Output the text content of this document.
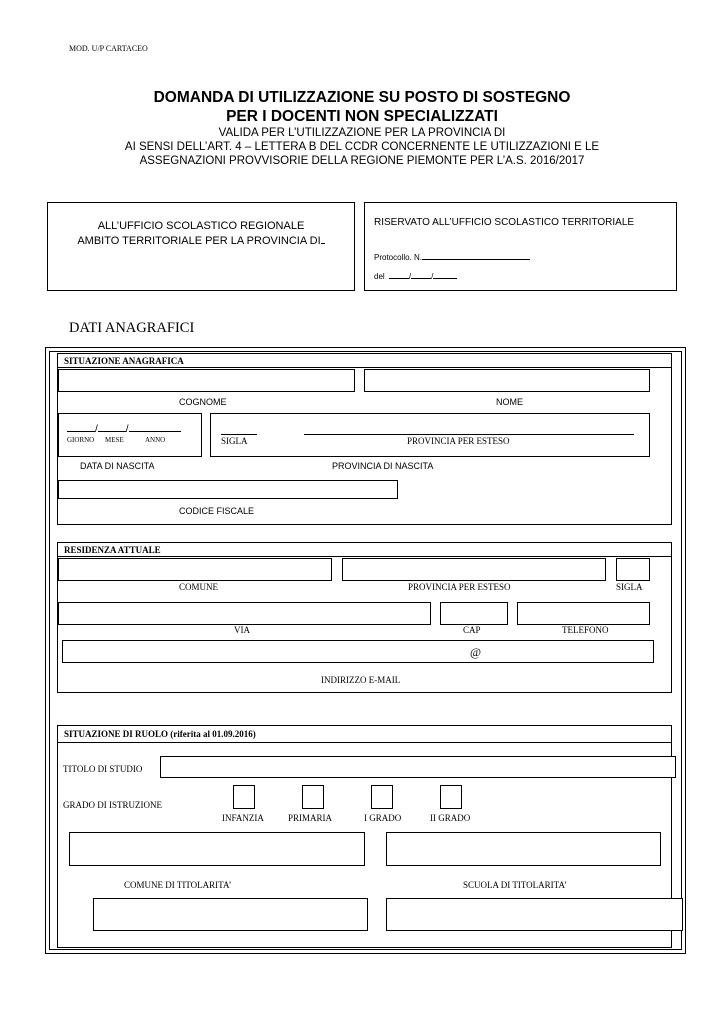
MOD. U/P CARTACEO
DOMANDA DI UTILIZZAZIONE SU POSTO DI SOSTEGNO
PER I DOCENTI NON SPECIALIZZATI
VALIDA PER L’UTILIZZAZIONE PER LA PROVINCIA DI
AI SENSI DELL’ART. 4 – LETTERA B DEL CCDR CONCERNENTE LE UTILIZZAZIONI E LE
ASSEGNAZIONI PROVVISORIE DELLA REGIONE PIEMONTE PER L’A.S. 2016/2017
ALL’UFFICIO SCOLASTICO REGIONALE
AMBITO TERRITORIALE PER LA PROVINCIA DI
RISERVATO ALL’UFFICIO SCOLASTICO TERRITORIALE
Protocollo. N.
del	/	/
DATI ANAGRAFICI
SITUAZIONE ANAGRAFICA
COGNOME	NOME
/	/
GIORNO MESE	ANNO	SIGLA	PROVINCIA PER ESTESO
DATA DI NASCITA	PROVINCIA DI NASCITA
CODICE FISCALE
RESIDENZA ATTUALE
COMUNE	PROVINCIA PER ESTESO	SIGLA
VIA	CAP	TELEFONO
@
INDIRIZZO E-MAIL
SITUAZIONE DI RUOLO (riferita al 01.09.2016)
TITOLO DI STUDIO
GRADO DI ISTRUZIONE
INFANZIA	PRIMARIA	I GRADO	II GRADO
COMUNE DI TITOLARITA’	SCUOLA DI TITOLARITA’
